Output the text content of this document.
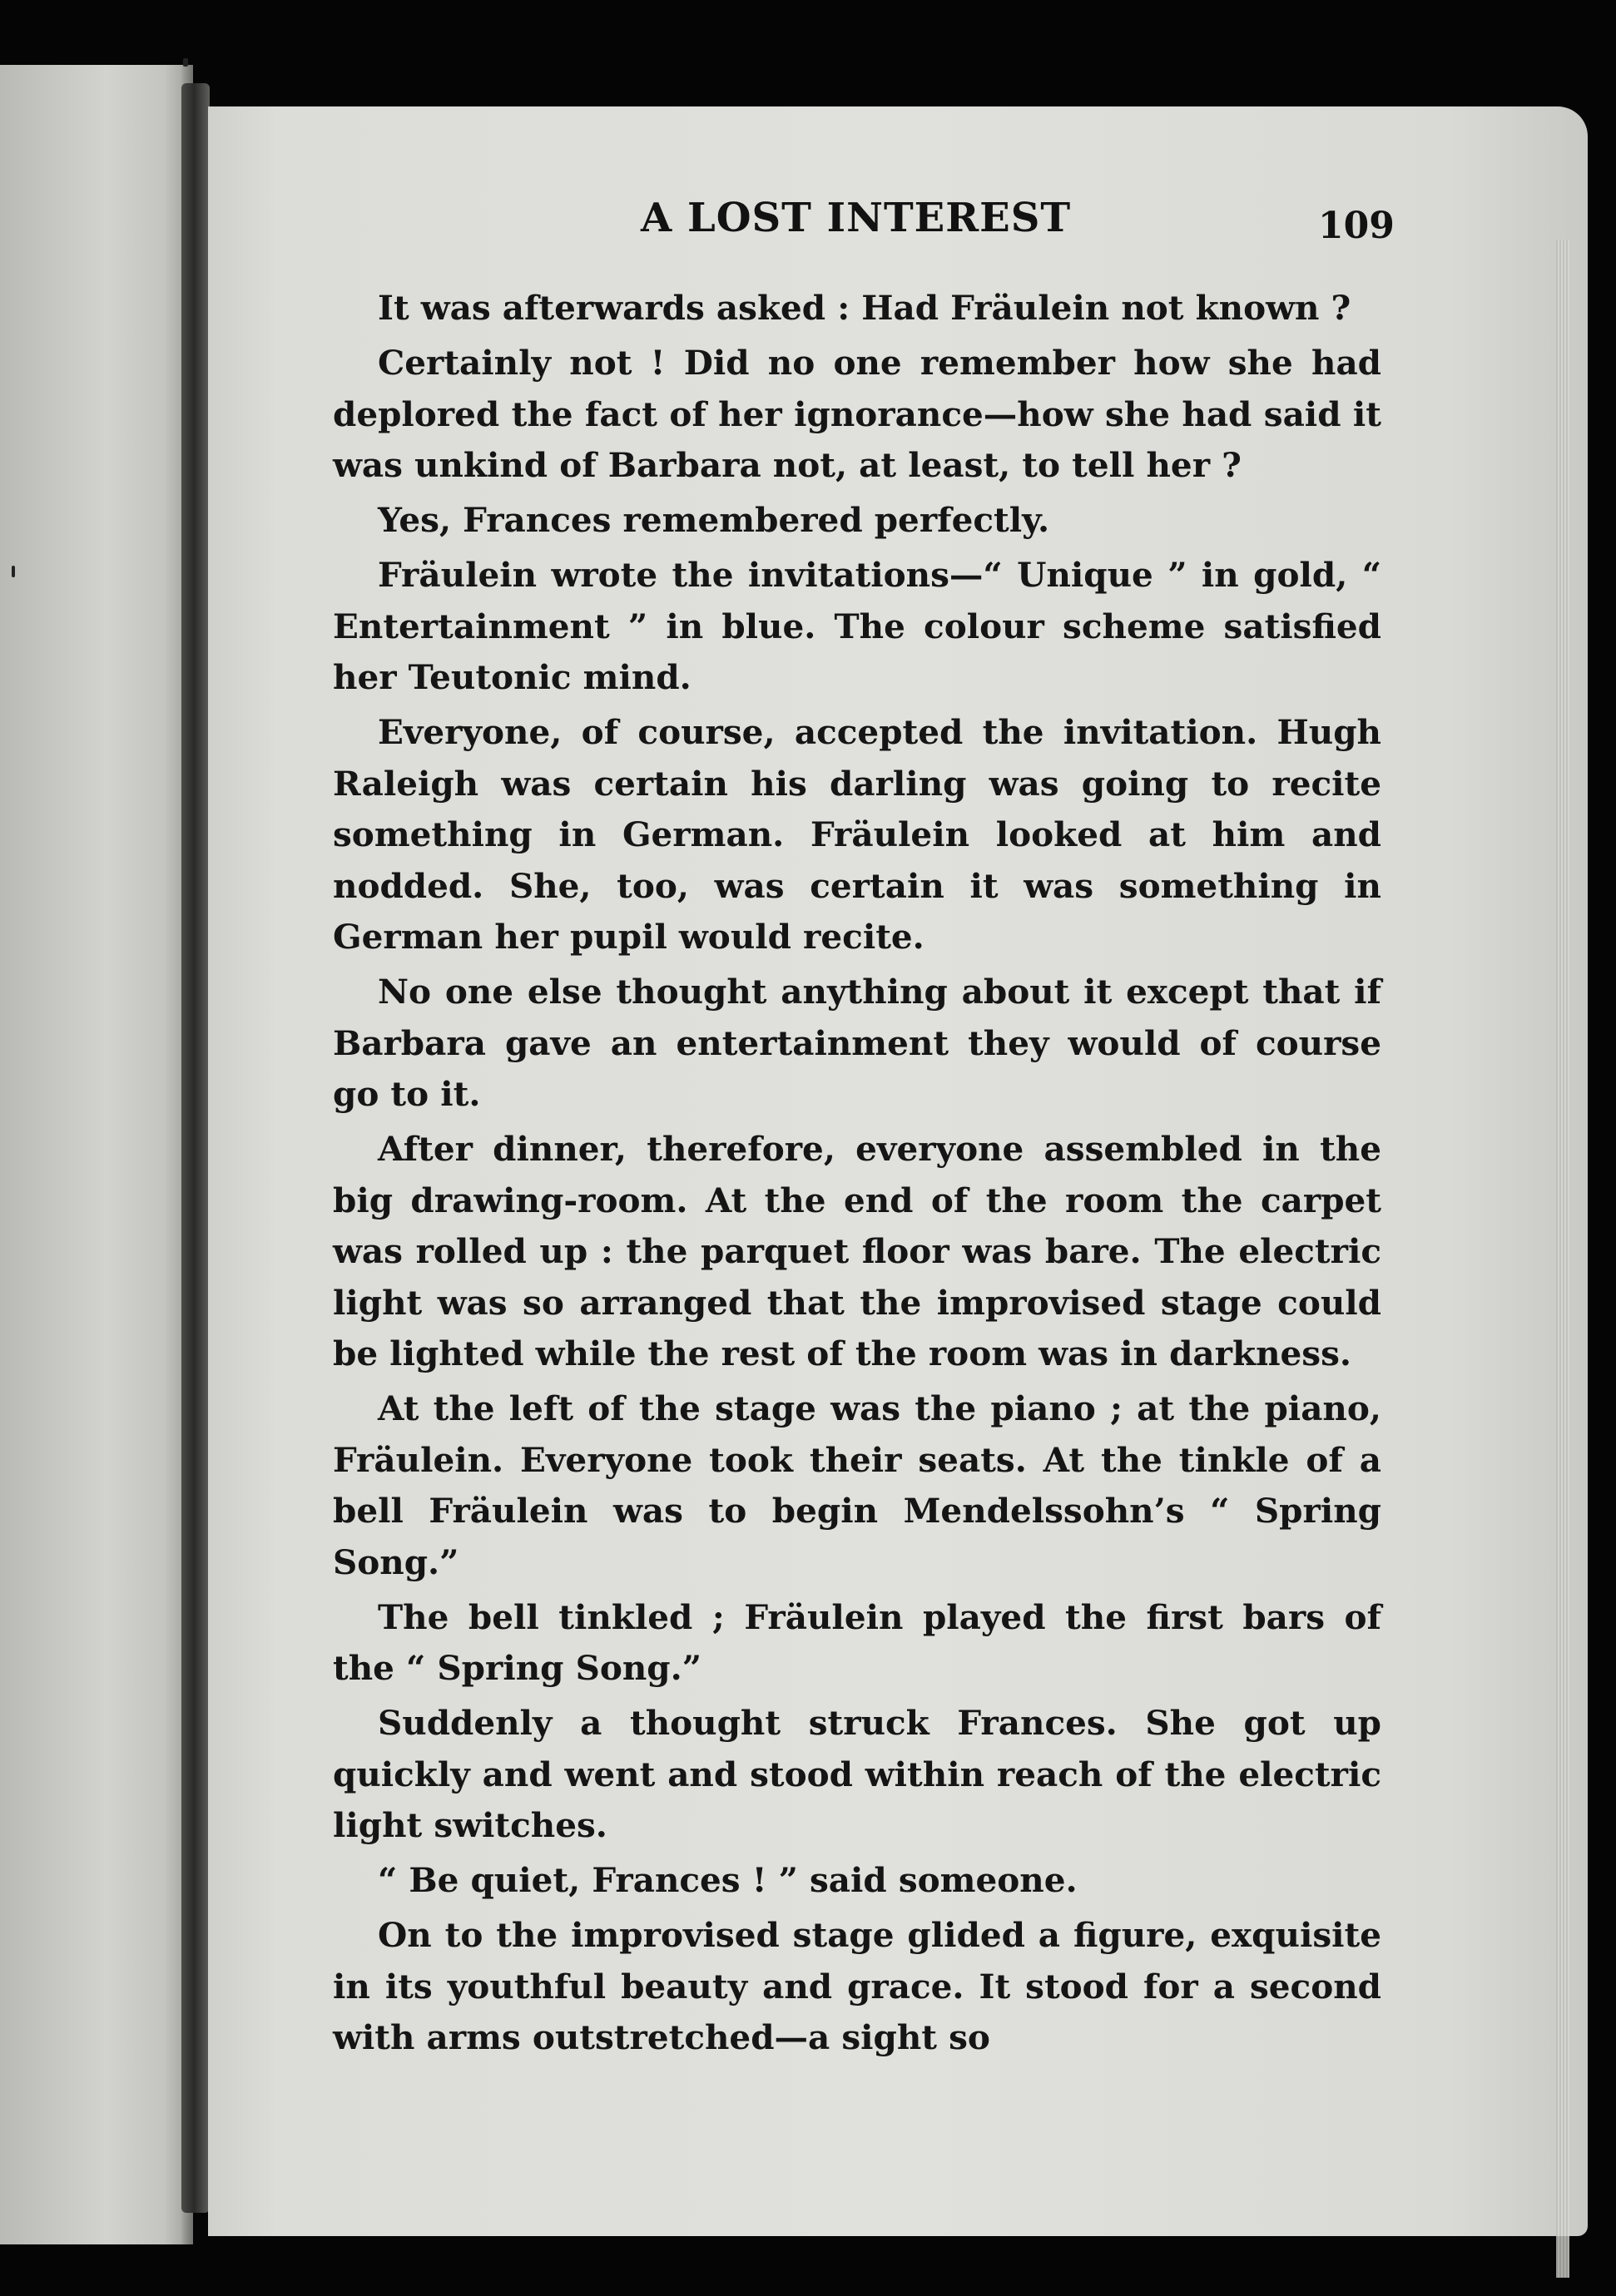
A LOST INTEREST	109

It was afterwards asked : Had Fräulein not known ?

Certainly not ! Did no one remember how she had deplored the fact of her ignorance—how she had said it was unkind of Barbara not, at least, to tell her ?

Yes, Frances remembered perfectly.

Fräulein wrote the invitations—“ Unique ” in gold, “ Entertainment ” in blue. The colour scheme satisfied her Teutonic mind.

Everyone, of course, accepted the invitation. Hugh Raleigh was certain his darling was going to recite something in German. Fräulein looked at him and nodded. She, too, was certain it was something in German her pupil would recite.

No one else thought anything about it except that if Barbara gave an entertainment they would of course go to it.

After dinner, therefore, everyone assembled in the big drawing-room. At the end of the room the carpet was rolled up : the parquet floor was bare. The electric light was so arranged that the improvised stage could be lighted while the rest of the room was in darkness.

At the left of the stage was the piano ; at the piano, Fräulein. Everyone took their seats. At the tinkle of a bell Fräulein was to begin Mendelssohn’s “ Spring Song.”

The bell tinkled ; Fräulein played the first bars of the “ Spring Song.”

Suddenly a thought struck Frances. She got up quickly and went and stood within reach of the electric light switches.

“ Be quiet, Frances ! ” said someone.

On to the improvised stage glided a figure, exquisite in its youthful beauty and grace. It stood for a second with arms outstretched—a sight so
